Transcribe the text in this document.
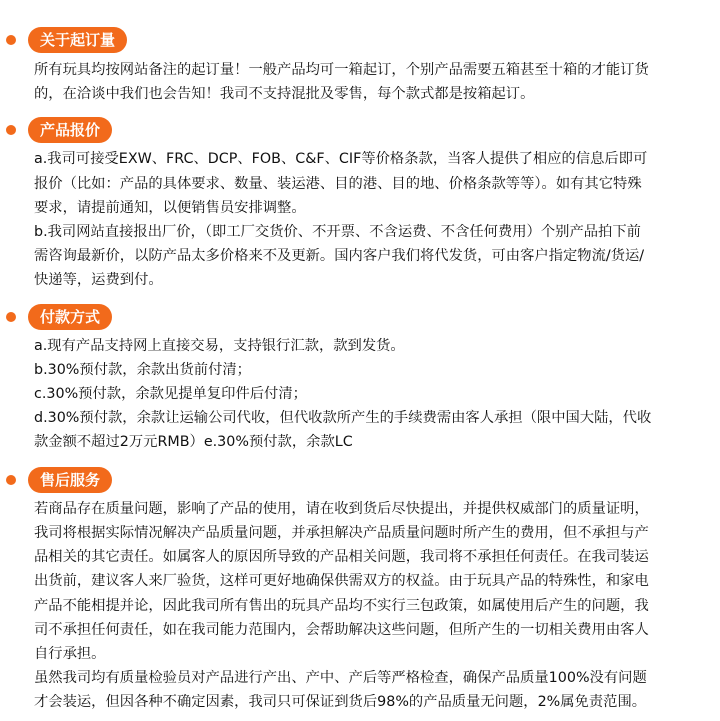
关于起订量
所有玩具均按网站备注的起订量！一般产品均可一箱起订，个别产品需要五箱甚至十箱的才能订货
的，在洽谈中我们也会告知！我司不支持混批及零售，每个款式都是按箱起订。
产品报价
a.我司可接受EXW、FRC、DCP、FOB、C&F、CIF等价格条款，当客人提供了相应的信息后即可
报价（比如：产品的具体要求、数量、装运港、目的港、目的地、价格条款等等）。如有其它特殊
要求，请提前通知，以便销售员安排调整。
b.我司网站直接报出厂价，（即工厂交货价、不开票、不含运费、不含任何费用）个别产品拍下前
需咨询最新价，以防产品太多价格来不及更新。国内客户我们将代发货，可由客户指定物流/货运/
快递等，运费到付。
付款方式
a.现有产品支持网上直接交易，支持银行汇款，款到发货。
b.30%预付款，余款出货前付清；
c.30%预付款，余款见提单复印件后付清；
d.30%预付款，余款让运输公司代收，但代收款所产生的手续费需由客人承担（限中国大陆，代收
款金额不超过2万元RMB）e.30%预付款，余款LC
售后服务
若商品存在质量问题，影响了产品的使用，请在收到货后尽快提出，并提供权威部门的质量证明，
我司将根据实际情况解决产品质量问题，并承担解决产品质量问题时所产生的费用，但不承担与产
品相关的其它责任。如属客人的原因所导致的产品相关问题，我司将不承担任何责任。在我司装运
出货前，建议客人来厂验货，这样可更好地确保供需双方的权益。由于玩具产品的特殊性，和家电
产品不能相提并论，因此我司所有售出的玩具产品均不实行三包政策，如属使用后产生的问题，我
司不承担任何责任，如在我司能力范围内，会帮助解决这些问题，但所产生的一切相关费用由客人
自行承担。
虽然我司均有质量检验员对产品进行产出、产中、产后等严格检查，确保产品质量100%没有问题
才会装运，但因各种不确定因素，我司只可保证到货后98%的产品质量无问题，2%属免责范围。
